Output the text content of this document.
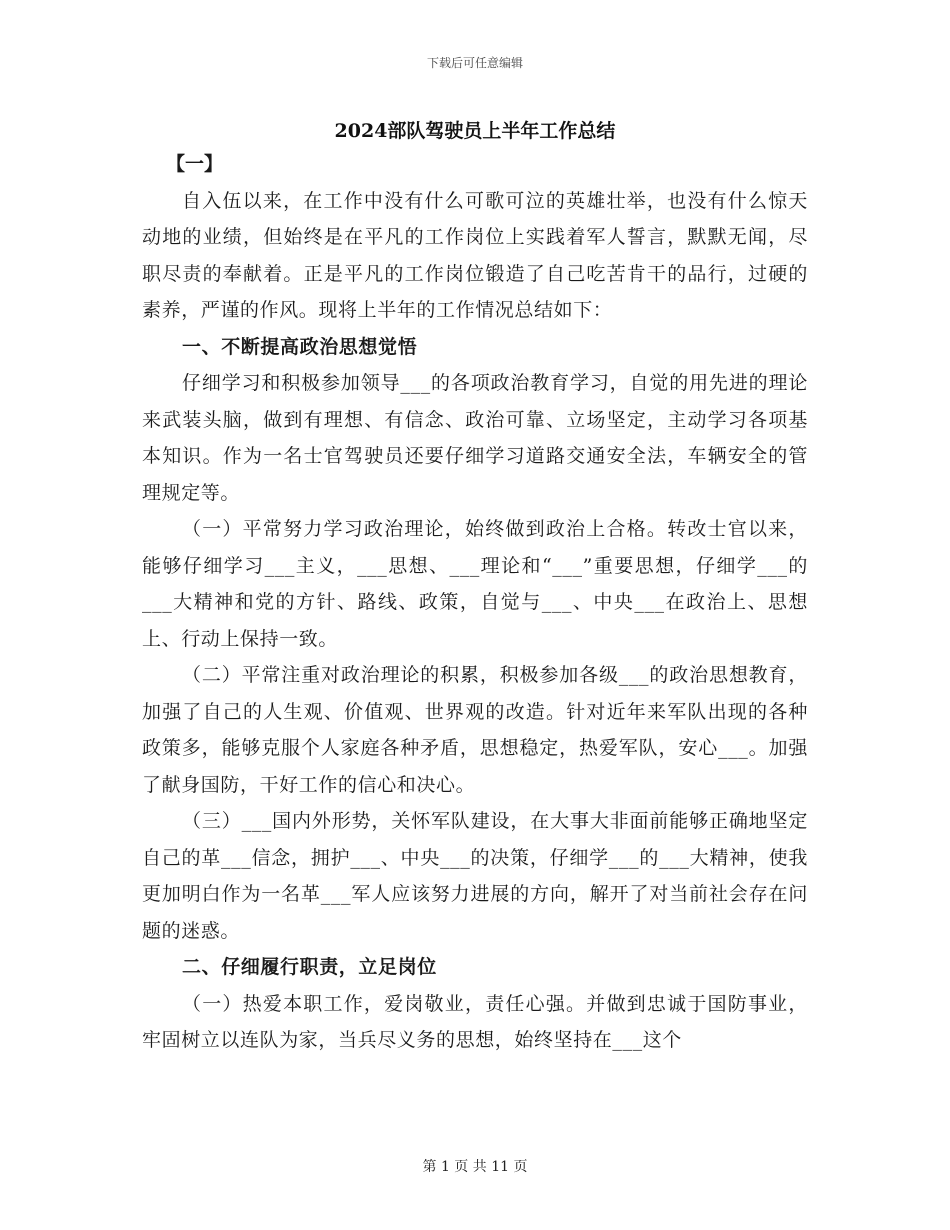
下载后可任意编辑
2024部队驾驶员上半年工作总结

【一】

自入伍以来，在工作中没有什么可歌可泣的英雄壮举，也没有什么惊天动地的业绩，但始终是在平凡的工作岗位上实践着军人誓言，默默无闻，尽职尽责的奉献着。正是平凡的工作岗位锻造了自己吃苦肯干的品行，过硬的素养，严谨的作风。现将上半年的工作情况总结如下：

一、不断提高政治思想觉悟

仔细学习和积极参加领导___的各项政治教育学习，自觉的用先进的理论来武装头脑，做到有理想、有信念、政治可靠、立场坚定，主动学习各项基本知识。作为一名士官驾驶员还要仔细学习道路交通安全法，车辆安全的管理规定等。

（一）平常努力学习政治理论，始终做到政治上合格。转改士官以来，能够仔细学习___主义，___思想、___理论和“___”重要思想，仔细学___的___大精神和党的方针、路线、政策，自觉与___、中央___在政治上、思想上、行动上保持一致。

（二）平常注重对政治理论的积累，积极参加各级___的政治思想教育，加强了自己的人生观、价值观、世界观的改造。针对近年来军队出现的各种政策多，能够克服个人家庭各种矛盾，思想稳定，热爱军队，安心___。加强了献身国防，干好工作的信心和决心。

（三）___国内外形势，关怀军队建设，在大事大非面前能够正确地坚定自己的革___信念，拥护___、中央___的决策，仔细学___的___大精神，使我更加明白作为一名革___军人应该努力进展的方向，解开了对当前社会存在问题的迷惑。

二、仔细履行职责，立足岗位

（一）热爱本职工作，爱岗敬业，责任心强。并做到忠诚于国防事业，牢固树立以连队为家，当兵尽义务的思想，始终坚持在___这个

第 1 页 共 11 页
